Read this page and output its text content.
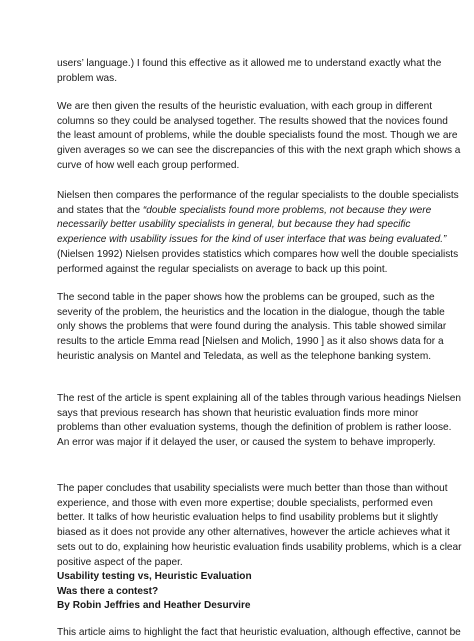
users’ language.) I found this effective as it allowed me to understand exactly what the problem was.

We are then given the results of the heuristic evaluation, with each group in different columns so they could be analysed together. The results showed that the novices found the least amount of problems, while the double specialists found the most. Though we are given averages so we can see the discrepancies of this with the next graph which shows a curve of how well each group performed.

Nielsen then compares the performance of the regular specialists to the double specialists and states that the “double specialists found more problems, not because they were necessarily better usability specialists in general, but because they had specific experience with usability issues for the kind of user interface that was being evaluated.” (Nielsen 1992) Nielsen provides statistics which compares how well the double specialists performed against the regular specialists on average to back up this point.

The second table in the paper shows how the problems can be grouped, such as the severity of the problem, the heuristics and the location in the dialogue, though the table only shows the problems that were found during the analysis. This table showed similar results to the article Emma read [Nielsen and Molich, 1990 ] as it also shows data for a heuristic analysis on Mantel and Teledata, as well as the telephone banking system.

The rest of the article is spent explaining all of the tables through various headings Nielsen says that previous research has shown that heuristic evaluation finds more minor problems than other evaluation systems, though the definition of problem is rather loose. An error was major if it delayed the user, or caused the system to behave improperly.

The paper concludes that usability specialists were much better than those than without experience, and those with even more expertise; double specialists, performed even better. It talks of how heuristic evaluation helps to find usability problems but it slightly biased as it does not provide any other alternatives, however the article achieves what it sets out to do, explaining how heuristic evaluation finds usability problems, which is a clear positive aspect of the paper.

Usability testing vs, Heuristic Evaluation
Was there a contest?
By Robin Jeffries and Heather Desurvire

This article aims to highlight the fact that heuristic evaluation, although effective, cannot be
